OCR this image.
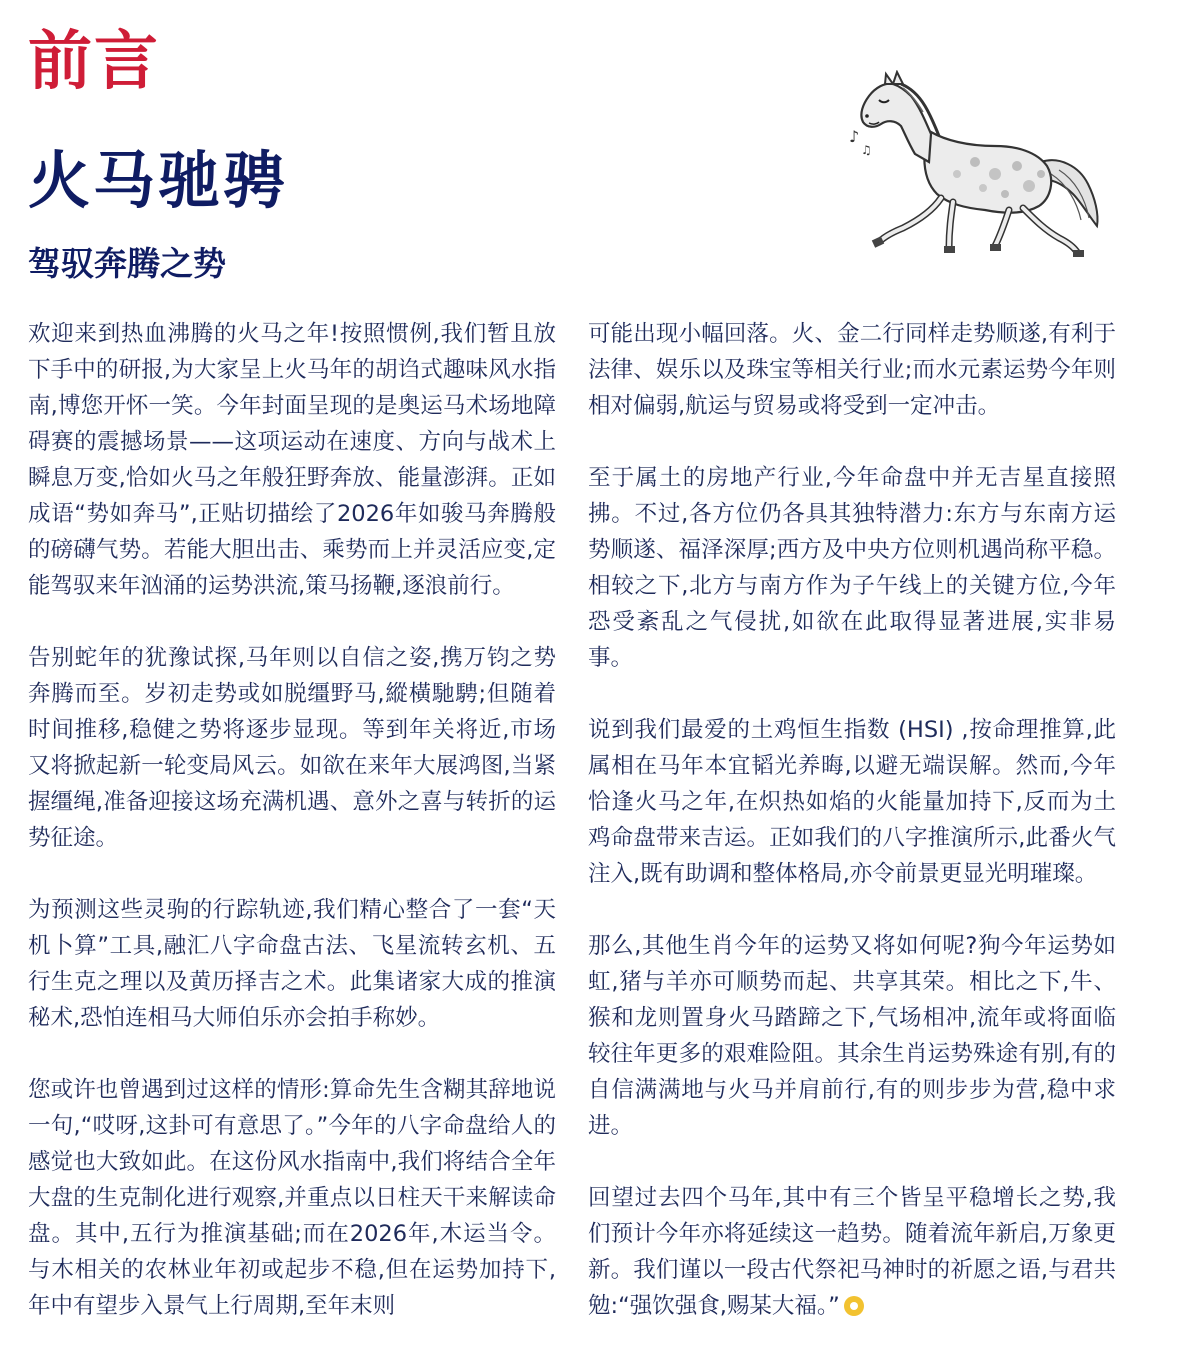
前言
火马驰骋
驾驭奔腾之势
♪
♫

欢迎来到热血沸腾的火马之年!按照惯例,我们暂且放下手中的研报,为大家呈上火马年的胡诌式趣味风水指南,博您开怀一笑。今年封面呈现的是奥运马术场地障碍赛的震撼场景——这项运动在速度、方向与战术上瞬息万变,恰如火马之年般狂野奔放、能量澎湃。正如成语“势如奔马”,正贴切描绘了2026年如骏马奔腾般的磅礴气势。若能大胆出击、乘势而上并灵活应变,定能驾驭来年汹涌的运势洪流,策马扬鞭,逐浪前行。

告别蛇年的犹豫试探,马年则以自信之姿,携万钧之势奔腾而至。岁初走势或如脱缰野马,縱橫馳騁;但随着时间推移,稳健之势将逐步显现。等到年关将近,市场又将掀起新一轮变局风云。如欲在来年大展鸿图,当紧握缰绳,准备迎接这场充满机遇、意外之喜与转折的运势征途。

为预测这些灵驹的行踪轨迹,我们精心整合了一套“天机卜算”工具,融汇八字命盘古法、飞星流转玄机、五行生克之理以及黄历择吉之术。此集诸家大成的推演秘术,恐怕连相马大师伯乐亦会拍手称妙。

您或许也曾遇到过这样的情形:算命先生含糊其辞地说一句,“哎呀,这卦可有意思了。”今年的八字命盘给人的感觉也大致如此。在这份风水指南中,我们将结合全年大盘的生克制化进行观察,并重点以日柱天干来解读命盘。其中,五行为推演基础;而在2026年,木运当令。与木相关的农林业年初或起步不稳,但在运势加持下,年中有望步入景气上行周期,至年末则

可能出现小幅回落。火、金二行同样走势顺遂,有利于法律、娱乐以及珠宝等相关行业;而水元素运势今年则相对偏弱,航运与贸易或将受到一定冲击。

至于属土的房地产行业,今年命盘中并无吉星直接照拂。不过,各方位仍各具其独特潜力:东方与东南方运势顺遂、福泽深厚;西方及中央方位则机遇尚称平稳。相较之下,北方与南方作为子午线上的关键方位,今年恐受紊乱之气侵扰,如欲在此取得显著进展,实非易事。

说到我们最爱的土鸡恒生指数 (HSI) ,按命理推算,此属相在马年本宜韬光养晦,以避无端误解。然而,今年恰逢火马之年,在炽热如焰的火能量加持下,反而为土鸡命盘带来吉运。正如我们的八字推演所示,此番火气注入,既有助调和整体格局,亦令前景更显光明璀璨。

那么,其他生肖今年的运势又将如何呢?狗今年运势如虹,猪与羊亦可顺势而起、共享其荣。相比之下,牛、猴和龙则置身火马踏蹄之下,气场相冲,流年或将面临较往年更多的艰难险阻。其余生肖运势殊途有别,有的自信满满地与火马并肩前行,有的则步步为营,稳中求进。

回望过去四个马年,其中有三个皆呈平稳增长之势,我们预计今年亦将延续这一趋势。随着流年新启,万象更新。我们谨以一段古代祭祀马神时的祈愿之语,与君共勉:“强饮强食,赐某大福。”
